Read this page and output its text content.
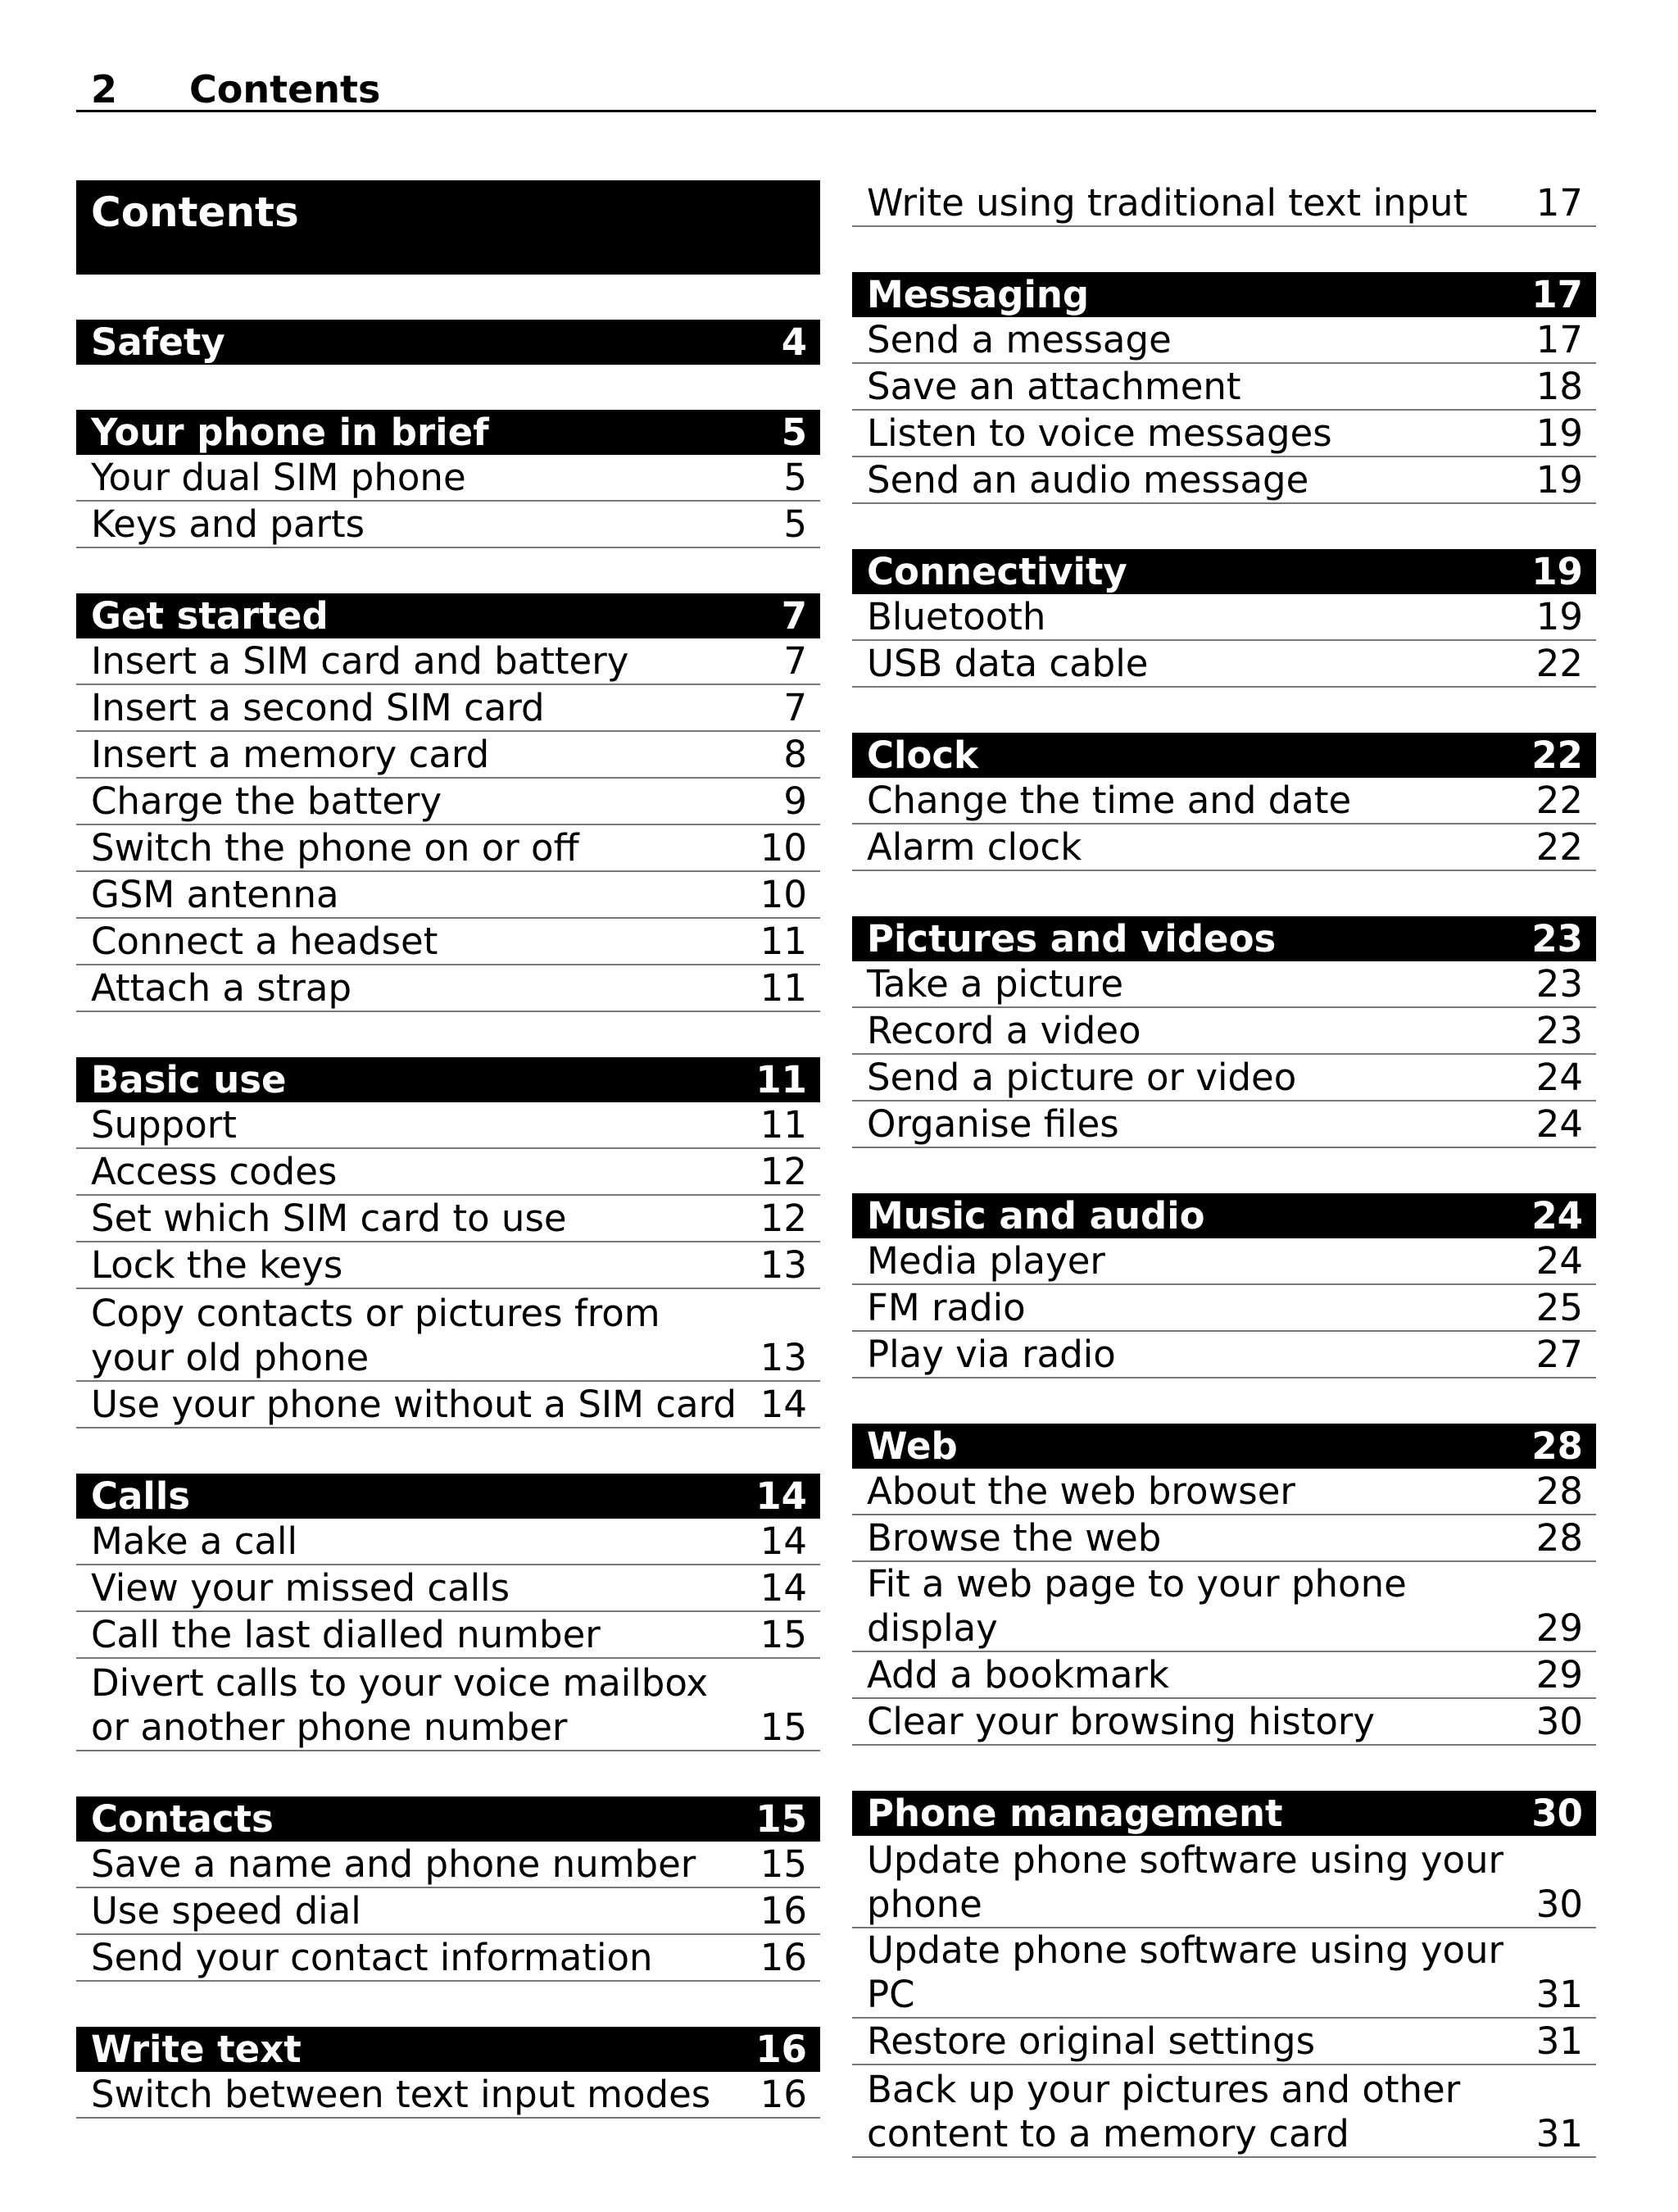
2 Contents
Contents
Safety	4
Your phone in brief	5
Your dual SIM phone	5
Keys and parts	5
Get started	7
Insert a SIM card and battery	7
Insert a second SIM card	7
Insert a memory card	8
Charge the battery	9
Switch the phone on or off	10
GSM antenna	10
Connect a headset	11
Attach a strap	11
Basic use	11
Support	11
Access codes	12
Set which SIM card to use	12
Lock the keys	13
Copy contacts or pictures from your old phone	13
Use your phone without a SIM card 14
Calls	14
Make a call	14
View your missed calls	14
Call the last dialled number	15
Divert calls to your voice mailbox or another phone number	15
Contacts	15
Save a name and phone number	15
Use speed dial	16
Send your contact information	16
Write text	16
Switch between text input modes	16
Write using traditional text input	17
Messaging	17
Send a message	17
Save an attachment	18
Listen to voice messages	19
Send an audio message	19
Connectivity	19
Bluetooth	19
USB data cable	22
Clock	22
Change the time and date	22
Alarm clock	22
Pictures and videos	23
Take a picture	23
Record a video	23
Send a picture or video	24
Organise files	24
Music and audio	24
Media player	24
FM radio	25
Play via radio	27
Web	28
About the web browser	28
Browse the web	28
Fit a web page to your phone display	29
Add a bookmark	29
Clear your browsing history	30
Phone management	30
Update phone software using your phone	30
Update phone software using your PC	31
Restore original settings	31
Back up your pictures and other content to a memory card	31
